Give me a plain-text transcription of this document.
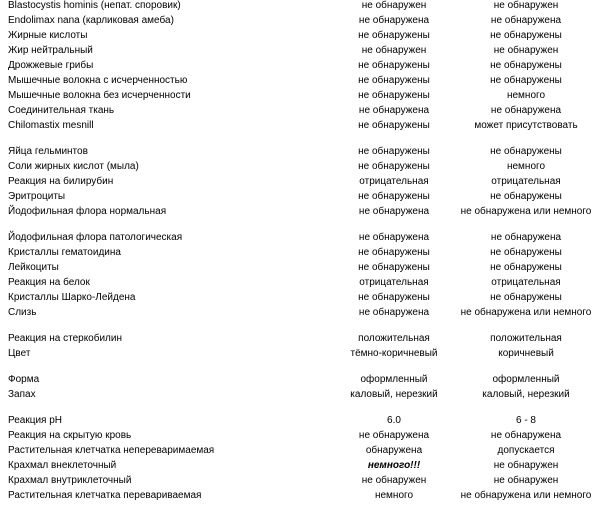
Blastocystis hominis (непат. споровик)	не обнаружен	не обнаружен
Endolimax nana (карликовая амеба)	не обнаружена	не обнаружена
Жирные кислоты	не обнаружены	не обнаружены
Жир нейтральный	не обнаружен	не обнаружен
Дрожжевые грибы	не обнаружены	не обнаружены
Мышечные волокна с исчерченностью	не обнаружены	не обнаружены
Мышечные волокна без исчерченности	не обнаружены	немного
Соединительная ткань	не обнаружена	не обнаружена
Chilomastix mesnill	не обнаружены	может присутствовать
Яйца гельминтов	не обнаружены	не обнаружены
Соли жирных кислот (мыла)	не обнаружены	немного
Реакция на билирубин	отрицательная	отрицательная
Эритроциты	не обнаружены	не обнаружены
Йодофильная флора нормальная	не обнаружена	не обнаружена или немного
Йодофильная флора патологическая	не обнаружена	не обнаружена
Кристаллы гематоидина	не обнаружены	не обнаружены
Лейкоциты	не обнаружены	не обнаружены
Реакция на белок	отрицательная	отрицательная
Кристаллы Шарко-Лейдена	не обнаружены	не обнаружены
Слизь	не обнаружена	не обнаружена или немного
Реакция на стеркобилин	положительная	положительная
Цвет	тёмно-коричневый	коричневый
Форма	оформленный	оформленный
Запах	каловый, нерезкий	каловый, нерезкий
Реакция pH	6.0	6 - 8
Реакция на скрытую кровь	не обнаружена	не обнаружена
Растительная клетчатка непереваримаемая	обнаружена	допускается
Крахмал внеклеточный	немного!!!	не обнаружен
Крахмал внутриклеточный	не обнаружен	не обнаружен
Растительная клетчатка перевариваемая	немного	не обнаружена или немного
